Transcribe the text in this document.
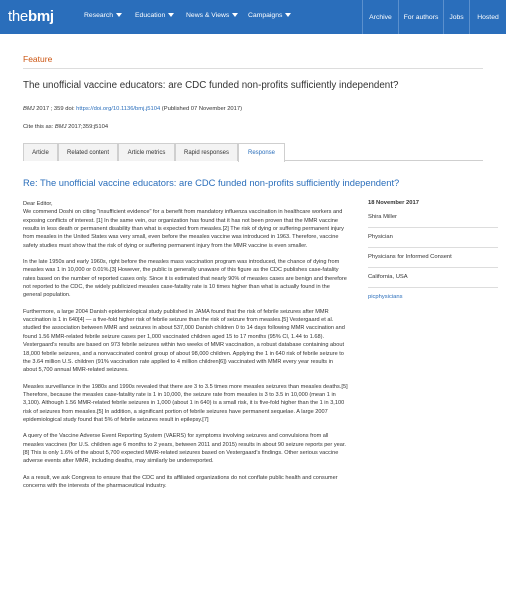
thebmj	Research	Education	News & Views	Campaigns	Archive	For authors	Jobs	Hosted
Feature
The unofficial vaccine educators: are CDC funded non-profits sufficiently independent?
BMJ 2017 ; 359 doi: https://doi.org/10.1136/bmj.j5104 (Published 07 November 2017)
Cite this as: BMJ 2017;359:j5104
Article	Related content	Article metrics	Rapid responses	Response
Re: The unofficial vaccine educators: are CDC funded non-profits sufficiently independent?

Dear Editor,
We commend Doshi on citing "insufficient evidence" for a benefit from mandatory influenza vaccination in healthcare workers and exposing conflicts of interest. [1] In the same vein, our organization has found that it has not been proven that the MMR vaccine results in less death or permanent disability than what is expected from measles.[2] The risk of dying or suffering permanent injury from measles in the United States was very small, even before the measles vaccine was introduced in 1963. Therefore, vaccine safety studies must show that the risk of dying or suffering permanent injury from the MMR vaccine is even smaller.

In the late 1950s and early 1960s, right before the measles mass vaccination program was introduced, the chance of dying from measles was 1 in 10,000 or 0.01%.[3] However, the public is generally unaware of this figure as the CDC publishes case-fatality rates based on the number of reported cases only. Since it is estimated that nearly 90% of measles cases are benign and therefore not reported to the CDC, the widely publicized measles case-fatality rate is 10 times higher than what is actually found in the general population.

Furthermore, a large 2004 Danish epidemiological study published in JAMA found that the risk of febrile seizures after MMR vaccination is 1 in 640[4] — a five-fold higher risk of febrile seizure than the risk of seizure from measles.[5] Vestergaard et al. studied the association between MMR and seizures in about 537,000 Danish children 0 to 14 days following MMR vaccination and found 1.56 MMR-related febrile seizure cases per 1,000 vaccinated children aged 15 to 17 months (95% CI, 1.44 to 1.68). Vestergaard's results are based on 973 febrile seizures within two weeks of MMR vaccination, a robust database containing about 18,000 febrile seizures, and a nonvaccinated control group of about 98,000 children. Applying the 1 in 640 risk of febrile seizure to the 3.64 million U.S. children (91% vaccination rate applied to 4 million children[6]) vaccinated with MMR every year results in about 5,700 annual MMR-related seizures.

Measles surveillance in the 1980s and 1990s revealed that there are 3 to 3.5 times more measles seizures than measles deaths.[5] Therefore, because the measles case-fatality rate is 1 in 10,000, the seizure rate from measles is 3 to 3.5 in 10,000 (mean 1 in 3,100). Although 1.56 MMR-related febrile seizures in 1,000 (about 1 in 640) is a small risk, it is five-fold higher than the 1 in 3,100 risk of seizures from measles.[5] In addition, a significant portion of febrile seizures have permanent sequelae. A large 2007 epidemiological study found that 5% of febrile seizures result in epilepsy.[7]

A query of the Vaccine Adverse Event Reporting System (VAERS) for symptoms involving seizures and convulsions from all measles vaccines (for U.S. children age 6 months to 2 years, between 2011 and 2015) results in about 90 seizure reports per year.[8] This is only 1.6% of the about 5,700 expected MMR-related seizures based on Vestergaard's findings. Other serious vaccine adverse events after MMR, including deaths, may similarly be underreported.

As a result, we ask Congress to ensure that the CDC and its affiliated organizations do not conflate public health and consumer concerns with the interests of the pharmaceutical industry.

18 November 2017
Shira Miller
Physician
Physicians for Informed Consent
California, USA
picphysicians
